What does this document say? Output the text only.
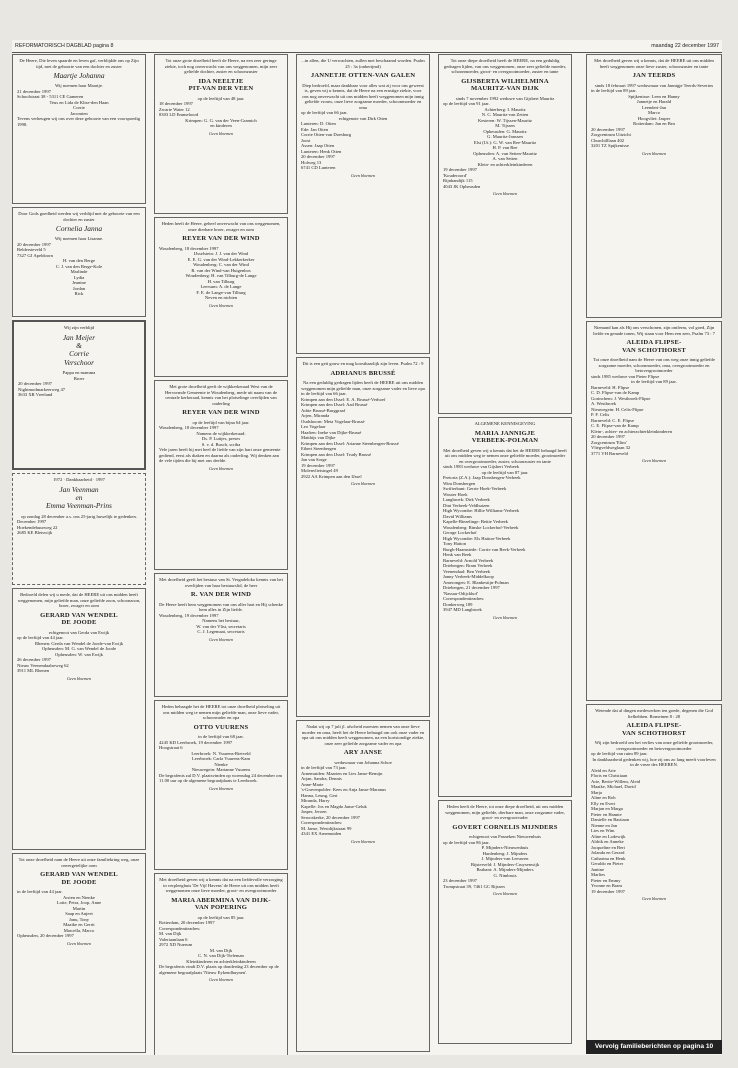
REFORMATORISCH DAGBLAD pagina 8	maandag 22 december 1997
De Heere, Die leven spaarde en leven gaf, verblijdde ons op Zijn tijd, met de geboorte van een dochter en zuster
Maartje Johanna
Wij noemen haar Maartje.
21 december 1997
Schoolstraat 38 - 5311 CE Gameren
Teus en Lida de Klise-den Haan
Corrie
Jacomien
Tevens verheugen wij ons over deze geboorte van een voorspoedig 1998.
Door Gods goedheid werden wij verblijd met de geboorte van een dochter en zuster
Cornelia Janna
Wij noemen haar Lisanne.
20 december 1997
Beldersteveld 5
7327 GJ Apeldoorn
H. van den Berge
C. J. van den Berge-Kole
Marlinde
Lydia
Jeanine
Jordan
Rick
Wij zijn verblijd
Jan Meijer
&
Corrie
Verschoor
Pappa en mamma
Broer
20 december 1997
Nightmodmarkeerweg 47
3633 XR Vreeland
1972 · Dankbaarheid · 1997
Jan Veenman
en
Emma Veenman-Prins
op zondag 28 december a.s. ons 25-jarig huwelijk te gedenken.
December 1997
Hoekendebuurweg 22
2685 KE Bleiswijk
Bedroefd delen wij u mede, dat de HEERE uit ons midden heeft weggenomen, mijn geliefde man, onze geliefde zoon, schoonzoon, broer, zwager en oom
GERARD VAN WENDEL
DE JOODE
echtgenoot van Gerda van Ewijk
op de leeftijd van 44 jaar.
Rhenen: Gerda van Wendel de Joode-van Ewijk
Opheusden: M. G. van Wendel de Joode
Opheusden: W. van Ewijk
26 december 1997
Nieuw Veenendaalseweg 62
3911 ML Rhenen
Geen bloemen
Tot onze droefheid nam de Heere uit onze familiekring weg, onze onvergetelijke oom
GERARD VAN WENDEL
DE JOODE
in de leeftijd van 44 jaar.
Arrien en Nienke
Lotte, Petra, Joop, Anne
Martin
Saap en Anjeet
Janu, Tony
Maaike en Gerrit
Marcella, Marco
Opheusden, 20 december 1997
Geen bloemen
Tot onze grote droefheid heeft de Heere, na een zeer geringe ziekte, toch nog onverwacht van ons weggenomen, mijn zeer geliefde dochter, zuster en schoonzuster
IDA NEELTJE
PIT-VAN DER VEEN
op de leeftijd van 48 jaar.
18 december 1997
Zwarte Water 12
8303 LD Emmeloord
Krimpen: G. G. van der Veen-Gramich
en kinderen
Geen bloemen
Heden heeft de Heere, geheel onverwacht van ons weggenomen, onze dierbare broer, zwager en oom
REYER VAN DER WIND
Woudenberg, 18 december 1997
IJsselstein: J. J. van der Wind
E. E. G. van der Wind-Lekkerkerker
Woudenberg: C. van der Wind
R. van der Wind-van Huigenbos
Woudenberg: H. van Tilburg-de Lange
H. van Tilburg
Leersum: A. de Lange
F. E. de Lange-van Tilburg
Neven en nichten
Geen bloemen
Met grote droefheid geeft de wijkkerkeraad West van de Hervormde Gemeente te Woudenberg, mede uit naam van de centrale kerkeraad, kennis van het plotselinge overlijden van ouderling
REYER VAN DER WIND
op de leeftijd van bijna 64 jaar.
Woudenberg, 18 december 1997
Namens de wijkkerkeraad:
Ds. P. Luttjes, preses
S. v. d. Busch, scriba
Vele jaren heeft hij met heel de liefde van zijn hart onze gemeente gediend, eerst als diaken en daarna als ouderling. Wij denken aan de vele tijden die hij met ons deelde.
Geen bloemen
Met droefheid geeft het bestuur van St. Vergadeloko kennis van het overlijden van haar bestuurslid, de heer
R. VAN DER WIND
De Heere heeft hem weggenomen van ons aller hart en Hij schenke hem alles in Zijn liefde.
Woudenberg, 19 december 1997
Namens het bestuur,
W. van der Vlist, secretaris
C. J. Legemaat, secretaris
Geen bloemen
Heden behaagde het de HEERE tot onze droefheid plotseling uit ons midden weg te nemen mijn geliefde man, onze lieve vader, schoonvader en opa
OTTO VUURENS
in de leeftijd van 68 jaar.
4245 KD Leerbroek, 19 december 1997
Hoogstraat 6
Leerbroek: N. Vuurens-Rietveld
Leerbroek: Carla Vuurens-Kam
Nienke
Nieuwegein: Marianne Vuurens
De begrafenis zal D.V. plaatsvinden op woensdag 24 december om 11.00 uur op de algemene begraafplaats te Leerbroek.
Geen bloemen
Met droefheid geven wij u kennis dat na een liefdevolle verzorging in verpleeghuis 'De Vijf Havens' de Heere uit ons midden heeft weggenomen onze lieve moeder, groot- en overgrootmoeder
MARIA ABERMINA VAN DIJK-
VAN POPERING
op de leeftijd van 85 jaar.
Rotterdam, 20 december 1997
Correspondentieadres:
M. van Dijk
Valeriaanlaan 6
2972 XD Nuerum
M. van Dijk
C. N. van Dijk-Tieleman
Kleinkinderen en achterkleinkinderen
De begrafenis vindt D.V. plaats op donderdag 23 december op de algemene begraafplaats 'Nieuw Eykendhuynen'.
Geen bloemen
...in allen, die U verwachten, zullen met beschaamd worden. Psalm 25 : 3a (onberijmd)
JANNETJE OTTEN-VAN GALEN
Diep bedroefd, maar dankbaar voor alles wat zij voor ons geweest is, geven wij u kennis, dat de Heere na een ernstige ziekte, voor ons nog onverwacht uit ons midden heeft weggenomen mijn innig geliefde vrouw, onze lieve zorgzame moeder, schoonmoeder en oma
op de leeftijd van 66 jaar.
echtgenote van Dirk Otten
Lunteren: D. Otten
Ede: Jan Otten
Corrie Otten-van Doesburg
Joost
Assen: Jaap Otten
Lunteren: Henk Otten
20 december 1997
Holweg 13
6741 CD Lunteren
Geen bloemen
Dit is een geit gouw en mag koostbaarlijk zijn leven. Psalm 72 : 9
ADRIANUS BRUSSÉ
Na een geduldig gedragen lijden heeft de HEERE uit ons midden weggenomen mijn geliefde man, onze zorgzame vader en lieve opa
in de leeftijd van 66 jaar.
Krimpen aan den IJssel: E. A. Brussé-Verhoef
Krimpen aan den IJssel: Aad Brussé
Adrie Brussé-Burggraaf
Arjen, Miranda
Oudshoorn: Meta Vogelaar-Brussé
Leo Vogelaar
Haaften: Ineke van Dijke-Brussé
Matthijs van Dijke
Krimpen aan den IJssel: Arianne Steenbergen-Brussé
Eibert Steenbergen
Krimpen aan den IJssel: Trudy Brussé
Jan van Sorge
19 december 1997
Molenvlietsingel 49
2922 AA Krimpen aan den IJssel
Geen bloemen
Nadat wij op 7 juli jl. afscheid moesten nemen van onze lieve moeder en oma, heeft het de Heere behaagd om ook onze vader en opa uit ons midden heeft weggenomen, na een kortstondige ziekte, onze zeer geliefde zorgzame vader en opa
ARY JANSE
weduwnaar van Johanna Schoe
in de leeftijd van 73 jaar.
Arnemuiden: Maarten en Lies Janse-Remijn
Arjan, Sandra, Dennis
Anne-Marie
's-Gravenpolder: Kees en Anja Janse-Maranus
Hanna, Leung, Gert
Miranda, Harry
Kapelle: Jos en Magda Janse-Geluk
Jasper, Jeroen
Serooskerke, 20 december 1997
Correspondentieadres:
M. Janse, Westdijkstraat 99
4341 EX Arnemuiden
Geen bloemen
Tot onze diepe droefheid heeft de HEERE, na een geduldig gedragen lijden, van ons weggenomen, onze zeer geliefde moeder, schoonmoeder, groot- en overgrootmoeder, zuster en tante
GIJSBERTA WILHELMINA
MAURITZ-VAN DIJK
sinds 7 november 1992 weduwe van Gijsbert Mauritz
op de leeftijd van 91 jaar.
Achterberg: I. Mauritz
N. C. Mauritz-van Zetten
Kesteren: W. Tijssen-Mauritz
M. Tijssen
Opheusden: G. Mauritz
G. Mauritz-Janssen
Elst (Ut.): G. W. van Ree-Mauritz
H. P. van Ree
Opheusden: A. van Setten-Mauritz
A. van Setten
Klein- en achterkleinkinderen
19 december 1997
'Kouderoord'
Rijnbandijk 115
4043 JK Opheusden
Geen bloemen
ALGEMENE KENNISGEVING
MARIA JANNIGJE
VERBEEK-POLMAN
Met droefheid geven wij u kennis dat het de HEERE behaagd heeft uit ons midden weg te nemen onze geliefde moeder, grootmoeder en overgrootmoeder, zuster, schoonzuster en tante
sinds 1983 weduwe van Gijsbert Verbeek
op de leeftijd van 87 jaar.
Pretoria (Z.A.): Jaap Donsbergen-Verbeek
Wim Donsbergen
Swifterbant: Gerrie Hoek-Verbeek
Wouter Hoek
Langbroek: Dirk Verbeek
Dini Verbeek-Veldhuizen
High Wycombe: Hillie Williams-Verbeek
David Williams
Kapelle-Biezelinge: Bettie Verbeek
Woudenberg: Rinske Lockerhof-Verbeek
George Lockerhof
High Wycombe: Els Hatton-Verbeek
Tony Hatton
Burgh-Haamstede: Corrie van Beek-Verbeek
Henk van Beek
Barneveld: Arnold Verbeek
Driebergen: Bram Verbeek
Veenendaal: Ben Verbeek
Janny Verbeek-Middelkoop
Amerongen: E. Blankestijn-Polman
Driebergen, 21 december 1997
'Nassau-Odijckhof'
Correspondentieadres:
Donkerweg 189
3947 MD Langbroek
Geen bloemen
Heden heeft de Heere, tot onze diepe droefheid, uit ons midden weggenomen, mijn geliefde, dierbare man, onze zorgzame vader, groot- en overgrootvader
GOVERT CORNELIS MIJNDERS
echtgenoot van Pasneken Nieuwenhuis
op de leeftijd van 86 jaar.
P. Mijnders-Nieuwenhuis
Hardenberg: J. Mijnders
J. Mijnders-van Leeuwen
Bijsterveld: J. Mijnders-Cruysenwijk
Brabant: A. Mijnders-Mijnders
G. Nimbruis
23 december 1997
Trompstraat 39, 7461 GC Rijssen
Geen bloemen
Met droefheid geven wij u kennis, dat de HEERE uit ons midden heeft weggenomen onze lieve zuster, schoonzuster en tante
JAN TEERDS
sinds 18 februari 1997 weduwnaar van Jannigje Teerds-Severins
in de leeftijd van 89 jaar.
Spijkenisse: Leen en Hanny
Jannetje en Harald
Leendert-Jan
Marco
Hoogvliet: Jasper
Rotterdam: Jan en Bea
20 december 1997
Zorgcentrum Uitzicht
Churchilllaan 402
3201 TZ Spijkenisse
Geen bloemen
Niemand kan als Hij ons verschonen, zijn ontferm, vol goed, Zijn liefde en genade tonen, Wij staan voor Hem een zeer, Psalm 73 : 7
ALEIDA FLIPSE-
VAN SCHOTHORST
Tot onze droefheid nam de Heere van ons weg onze innig geliefde zorgzame moeder, schoonmoeder, oma, overgrootmoeder en betovergrootmoeder
sinds 1985 weduwe van Pieter Flipse
in de leeftijd van 89 jaar.
Barneveld: H. Flipse
C. D. Flipse-van de Kamp
Gorinchem: J. Westbroek-Flipse
A. Westbroek
Nieuwegein: H. Celis-Flipse
P. F. Celis
Barneveld: C. E. Flipse
C. E. Flipse-van de Kamp
Klein-, achter- en achterachterkleinkinderen
20 december 1997
Zorgcentrum 'Elim'
Vliegveldweglaan 32
3771 VH Barneveld
Geen bloemen
Wetende dat al dingen medewerken ten goede, degenen die God liefhebben. Romeinen 8 : 28
ALEIDA FLIPSE-
VAN SCHOTHORST
Wij zijn bedroefd om het verlies van onze geliefde grootmoeder, overgrootmoeder en betovergrootmoeder
op de leeftijd van ruim 89 jaar.
In dankbaarheid gedenken wij, hoe zij ons zo lang meeft voorleven in de vreze des HEEREN.
Aleid en Arie
Floris en Christiaan
Arie, Bertie-Willem, Aleid
Maaike, Michael, David
Marja
Aline en Rob
Elly en Evert
Marjan en Marga
Pieter en Hannie
Danielle en Bastiaan
Nienne en Jan
Lies en Wim
Aline en Lodewijk
Aldrik en Anneke
Jacqueline en Bert
Jolanda en Gerard
Catharina en Henk
Geraldo en Pieter
Jantine
Marlies
Pieter en Emmy
Yvonne en Bram
19 december 1997
Geen bloemen
Vervolg familieberichten op pagina 10
